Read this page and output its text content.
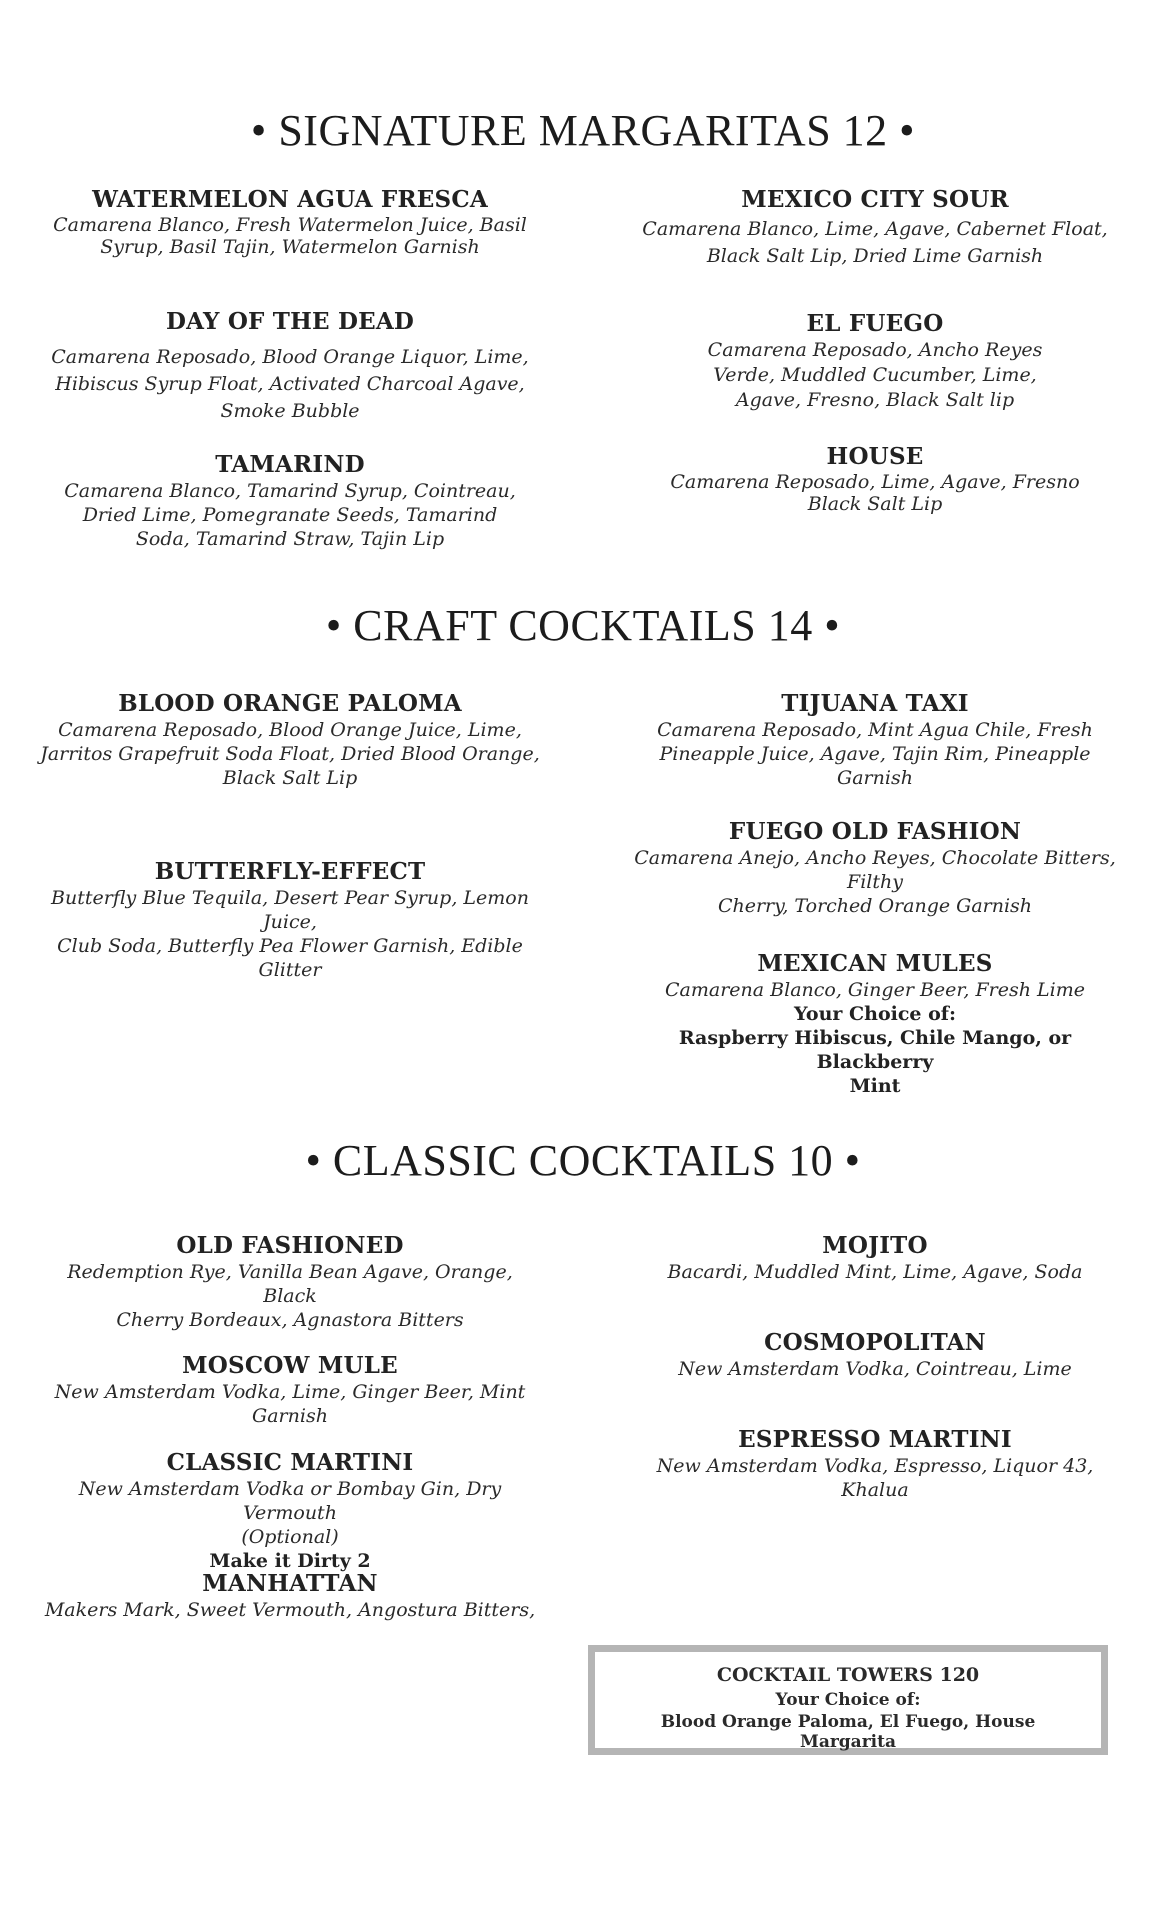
• SIGNATURE MARGARITAS 12 •
WATERMELON AGUA FRESCA
Camarena Blanco, Fresh Watermelon Juice, Basil
Syrup, Basil Tajin, Watermelon Garnish
DAY OF THE DEAD
Camarena Reposado, Blood Orange Liquor, Lime,
Hibiscus Syrup Float, Activated Charcoal Agave,
Smoke Bubble
TAMARIND
Camarena Blanco, Tamarind Syrup, Cointreau,
Dried Lime, Pomegranate Seeds, Tamarind
Soda, Tamarind Straw, Tajin Lip
MEXICO CITY SOUR
Camarena Blanco, Lime, Agave, Cabernet Float,
Black Salt Lip, Dried Lime Garnish
EL FUEGO
Camarena Reposado, Ancho Reyes
Verde, Muddled Cucumber, Lime,
Agave, Fresno, Black Salt lip
HOUSE
Camarena Reposado, Lime, Agave, Fresno
Black Salt Lip
• CRAFT COCKTAILS 14 •
BLOOD ORANGE PALOMA
Camarena Reposado, Blood Orange Juice, Lime,
Jarritos Grapefruit Soda Float, Dried Blood Orange,
Black Salt Lip
BUTTERFLY-EFFECT
Butterfly Blue Tequila, Desert Pear Syrup, Lemon Juice,
Club Soda, Butterfly Pea Flower Garnish, Edible Glitter
TIJUANA TAXI
Camarena Reposado, Mint Agua Chile, Fresh
Pineapple Juice, Agave, Tajin Rim, Pineapple
Garnish
FUEGO OLD FASHION
Camarena Anejo, Ancho Reyes, Chocolate Bitters, Filthy
Cherry, Torched Orange Garnish
MEXICAN MULES
Camarena Blanco, Ginger Beer, Fresh Lime
Your Choice of:
Raspberry Hibiscus, Chile Mango, or Blackberry
Mint
• CLASSIC COCKTAILS 10 •
OLD FASHIONED
Redemption Rye, Vanilla Bean Agave, Orange, Black
Cherry Bordeaux, Agnastora Bitters
MOSCOW MULE
New Amsterdam Vodka, Lime, Ginger Beer, Mint
Garnish
CLASSIC MARTINI
New Amsterdam Vodka or Bombay Gin, Dry Vermouth
(Optional)
Make it Dirty 2
MANHATTAN
Makers Mark, Sweet Vermouth, Angostura Bitters,
MOJITO
Bacardi, Muddled Mint, Lime, Agave, Soda
COSMOPOLITAN
New Amsterdam Vodka, Cointreau, Lime
ESPRESSO MARTINI
New Amsterdam Vodka, Espresso, Liquor 43, Khalua
COCKTAIL TOWERS 120
Your Choice of:
Blood Orange Paloma, El Fuego, House
Margarita
